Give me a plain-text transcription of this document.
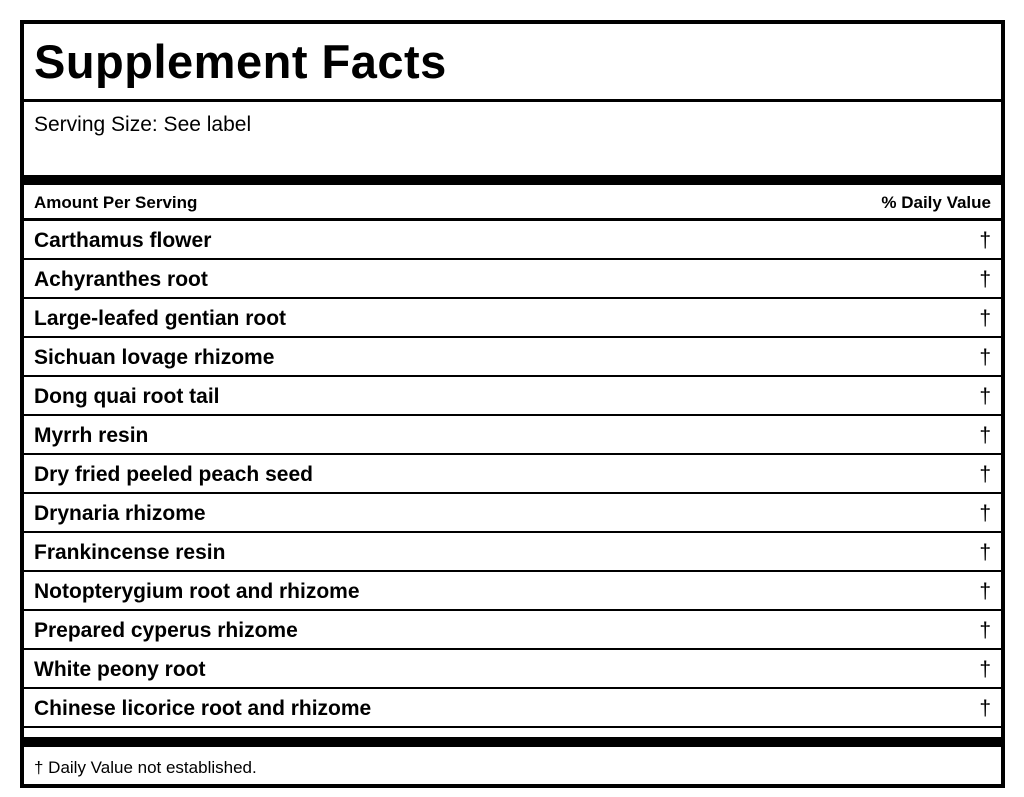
Supplement Facts
Serving Size: See label
Amount Per Serving	% Daily Value
Carthamus flower	†
Achyranthes root	†
Large-leafed gentian root	†
Sichuan lovage rhizome	†
Dong quai root tail	†
Myrrh resin	†
Dry fried peeled peach seed	†
Drynaria rhizome	†
Frankincense resin	†
Notopterygium root and rhizome	†
Prepared cyperus rhizome	†
White peony root	†
Chinese licorice root and rhizome	†
† Daily Value not established.
